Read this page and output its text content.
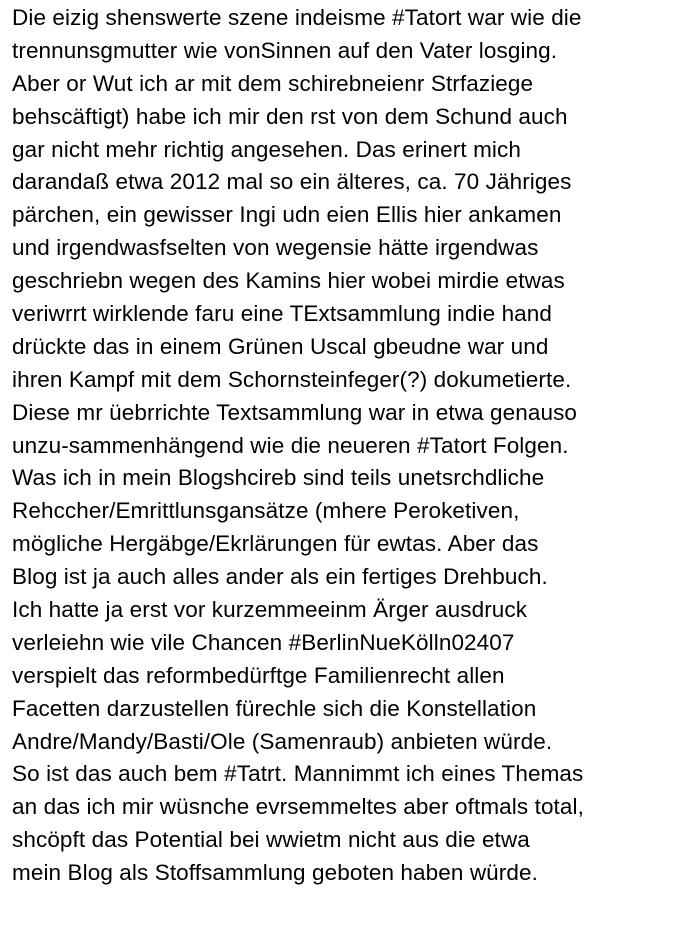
Die eizig shenswerte szene indeisme #Tatort war wie die
trennunsgmutter wie vonSinnen auf den Vater losging.
Aber or Wut ich ar mit dem schirebneienr Strfaziege
behscäftigt) habe ich mir den rst von dem Schund auch
gar nicht mehr richtig angesehen. Das erinert mich
darandaß etwa 2012 mal so ein älteres, ca. 70 Jähriges
pärchen, ein gewisser Ingi udn eien Ellis hier ankamen
und irgendwasfselten von wegensie hätte irgendwas
geschriebn wegen des Kamins hier wobei mirdie etwas
veriwrrt wirklende faru eine TExtsammlung indie hand
drückte das in einem Grünen Uscal gbeudne war und
ihren Kampf mit dem Schornsteinfeger(?) dokumetierte.
Diese mr üebrrichte Textsammlung war in etwa genauso
unzu-sammenhängend wie die neueren #Tatort Folgen.
Was ich in mein Blogshcireb sind teils unetsrchdliche
Rehccher/Emrittlunsgansätze (mhere Peroketiven,
mögliche Hergäbge/Ekrlärungen für ewtas. Aber das
Blog ist ja auch alles ander als ein fertiges Drehbuch.
Ich hatte ja erst vor kurzemmeeinm Ärger ausdruck
verleiehn wie vile Chancen #BerlinNueKölln02407
verspielt das reformbedürftge Familienrecht allen
Facetten darzustellen fürechle sich die Konstellation
Andre/Mandy/Basti/Ole (Samenraub) anbieten würde.
So ist das auch bem #Tatrt. Mannimmt ich eines Themas
an das ich mir wüsnche evrsemmeltes aber oftmals total,
shcöpft das Potential bei wwietm nicht aus die etwa
mein Blog als Stoffsammlung geboten haben würde.
